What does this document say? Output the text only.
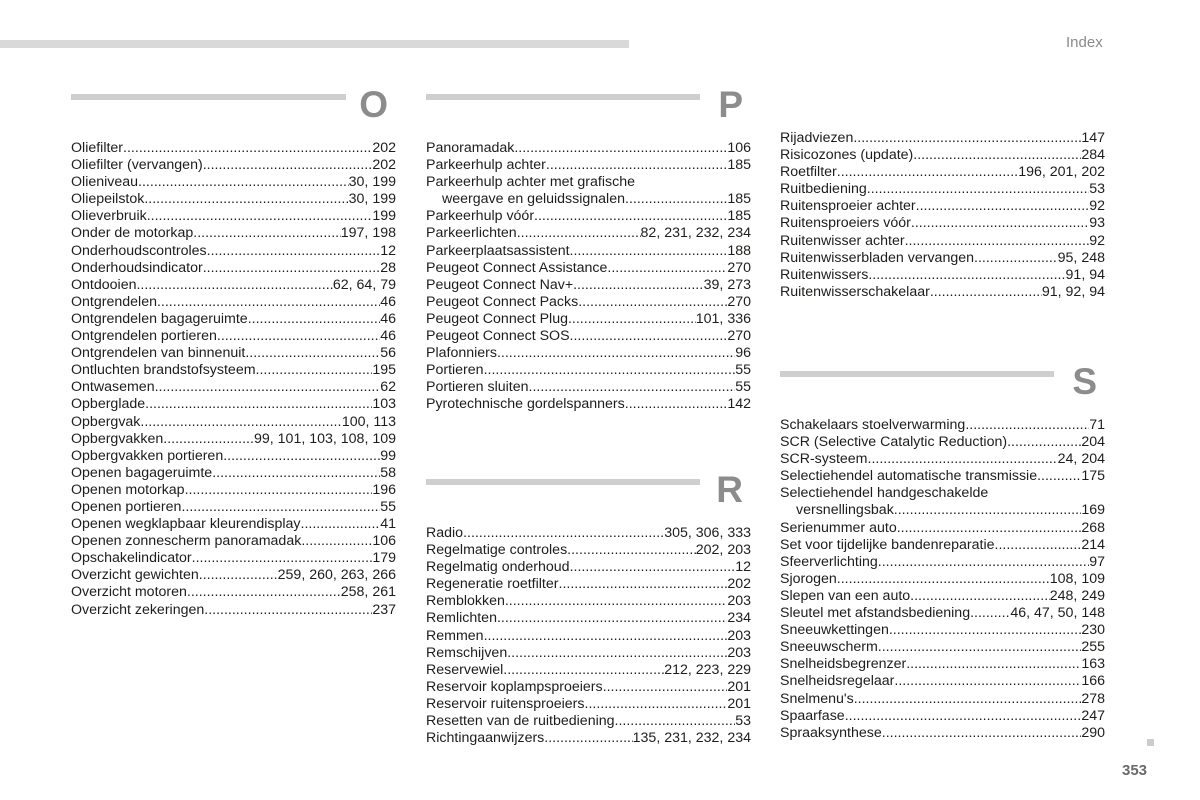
Index
O
Oliefilter .....	202
Oliefilter (vervangen) .....	202
Olieniveau .....	30, 199
Oliepeilstok .....	30, 199
Olieverbruik .....	199
Onder de motorkap .....	197, 198
Onderhoudscontroles .....	12
Onderhoudsindicator .....	28
Ontdooien .....	62, 64, 79
Ontgrendelen .....	46
Ontgrendelen bagageruimte .....	46
Ontgrendelen portieren .....	46
Ontgrendelen van binnenuit .....	56
Ontluchten brandstofsysteem .....	195
Ontwasemen .....	62
Opberglade .....	103
Opbergvak .....	100, 113
Opbergvakken .....	99, 101, 103, 108, 109
Opbergvakken portieren .....	99
Openen bagageruimte .....	58
Openen motorkap .....	196
Openen portieren .....	55
Openen wegklapbaar kleurendisplay .....	41
Openen zonnescherm panoramadak .....	106
Opschakelindicator .....	179
Overzicht gewichten .....	259, 260, 263, 266
Overzicht motoren .....	258, 261
Overzicht zekeringen .....	237
P
Panoramadak .....	106
Parkeerhulp achter .....	185
Parkeerhulp achter met grafische
weergave en geluidssignalen .....	185
Parkeerhulp vóór .....	185
Parkeerlichten .....	82, 231, 232, 234
Parkeerplaatsassistent .....	188
Peugeot Connect Assistance .....	270
Peugeot Connect Nav+ .....	39, 273
Peugeot Connect Packs .....	270
Peugeot Connect Plug .....	101, 336
Peugeot Connect SOS .....	270
Plafonniers .....	96
Portieren .....	55
Portieren sluiten .....	55
Pyrotechnische gordelspanners .....	142
R
Radio .....	305, 306, 333
Regelmatige controles .....	202, 203
Regelmatig onderhoud .....	12
Regeneratie roetfilter .....	202
Remblokken .....	203
Remlichten .....	234
Remmen .....	203
Remschijven .....	203
Reservewiel .....	212, 223, 229
Reservoir koplampsproeiers .....	201
Reservoir ruitensproeiers .....	201
Resetten van de ruitbediening .....	53
Richtingaanwijzers .....	135, 231, 232, 234
Rijadviezen .....	147
Risicozones (update) .....	284
Roetfilter .....	196, 201, 202
Ruitbediening .....	53
Ruitensproeier achter .....	92
Ruitensproeiers vóór .....	93
Ruitenwisser achter .....	92
Ruitenwisserbladen vervangen .....	95, 248
Ruitenwissers .....	91, 94
Ruitenwisserschakelaar .....	91, 92, 94
S
Schakelaars stoelverwarming .....	71
SCR (Selective Catalytic Reduction) .....	204
SCR-systeem .....	24, 204
Selectiehendel automatische transmissie .....	175
Selectiehendel handgeschakelde
versnellingsbak .....	169
Serienummer auto .....	268
Set voor tijdelijke bandenreparatie .....	214
Sfeerverlichting .....	97
Sjorogen .....	108, 109
Slepen van een auto .....	248, 249
Sleutel met afstandsbediening .....	46, 47, 50, 148
Sneeuwkettingen .....	230
Sneeuwscherm .....	255
Snelheidsbegrenzer .....	163
Snelheidsregelaar .....	166
Snelmenu's .....	278
Spaarfase .....	247
Spraaksynthese .....	290
353
